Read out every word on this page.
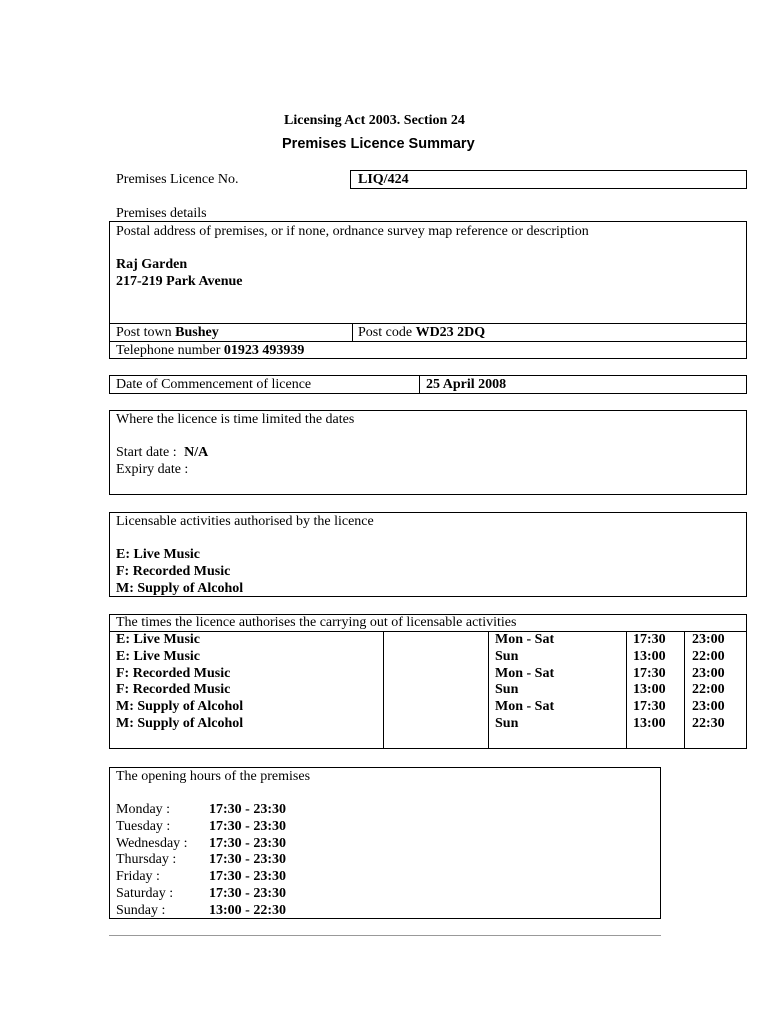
Licensing Act 2003. Section 24
Premises Licence Summary
Premises Licence No.	LIQ/424
Premises details
Postal address of premises, or if none, ordnance survey map reference or description
Raj Garden
217-219 Park Avenue
Post town Bushey	Post code WD23 2DQ
Telephone number 01923 493939
Date of Commencement of licence	25 April 2008
Where the licence is time limited the dates
Start date : N/A
Expiry date :
Licensable activities authorised by the licence
E: Live Music
F: Recorded Music
M: Supply of Alcohol
The times the licence authorises the carrying out of licensable activities
E: Live Music	Mon - Sat	17:30 23:00
E: Live Music	Sun	13:00 22:00
F: Recorded Music	Mon - Sat	17:30 23:00
F: Recorded Music	Sun	13:00 22:00
M: Supply of Alcohol	Mon - Sat	17:30 23:00
M: Supply of Alcohol	Sun	13:00 22:30
The opening hours of the premises
Monday :	17:30 - 23:30
Tuesday :	17:30 - 23:30
Wednesday : 17:30 - 23:30
Thursday : 17:30 - 23:30
Friday :	17:30 - 23:30
Saturday :	17:30 - 23:30
Sunday :	13:00 - 22:30
